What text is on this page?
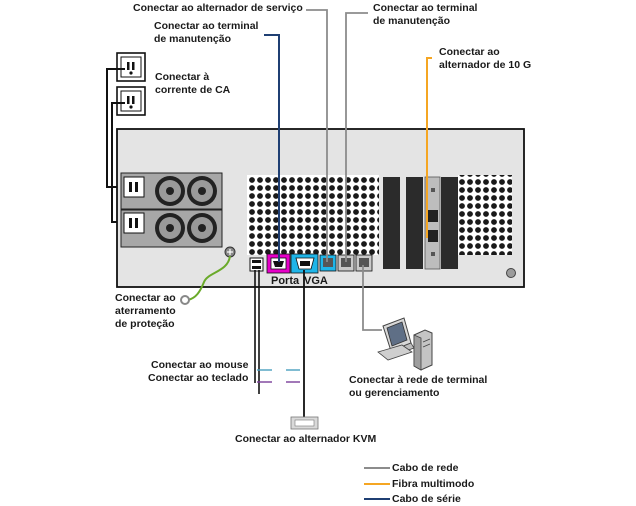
Conectar ao alternador de serviço
Conectar ao terminal de manutenção
Conectar ao terminal de manutenção
Conectar à corrente de CA
Conectar ao alternador de 10 G
Conectar ao aterramento de proteção
Conectar ao mouse
Conectar ao teclado	Conectar à rede de terminal ou gerenciamento
Conectar ao alternador KVM
Porta VGA
Cabo de rede
Fibra multimodo
Cabo de série
